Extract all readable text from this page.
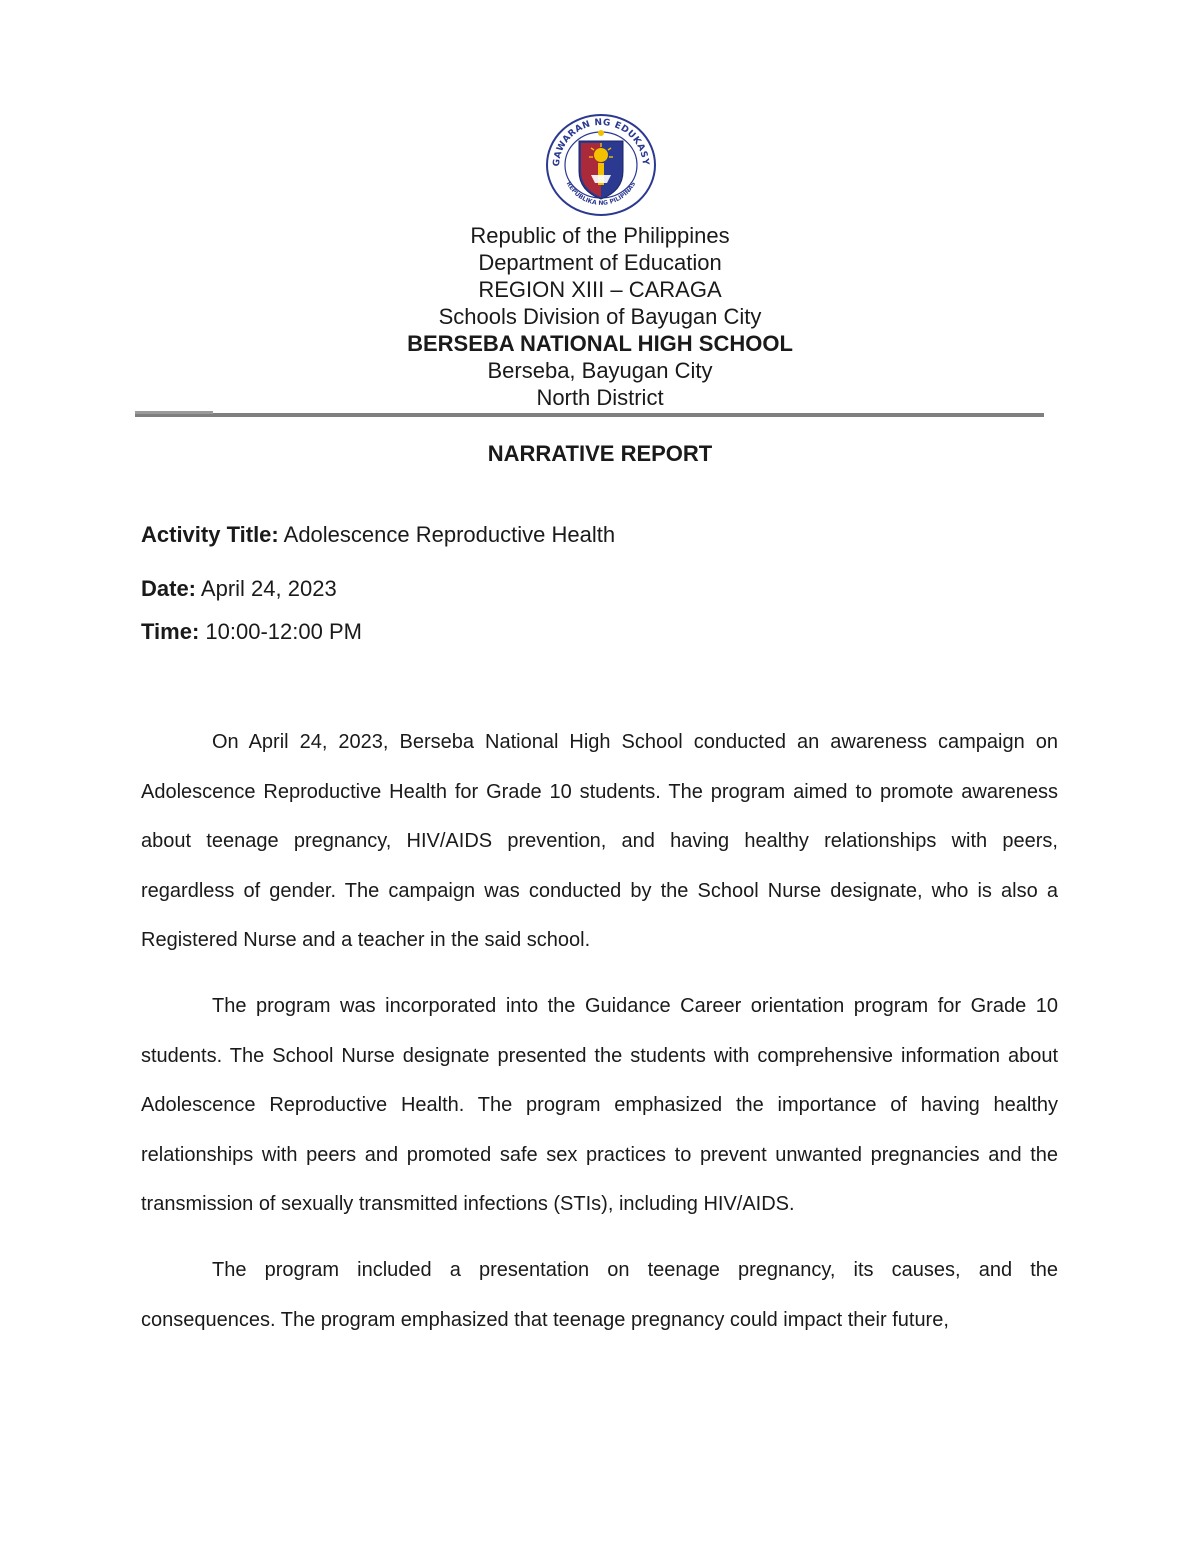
GAWARAN NG EDUKASY
REPUBLIKA NG PILIPINAS
Republic of the Philippines
Department of Education
REGION XIII – CARAGA
Schools Division of Bayugan City
BERSEBA NATIONAL HIGH SCHOOL
Berseba, Bayugan City
North District
NARRATIVE REPORT
Activity Title: Adolescence Reproductive Health
Date: April 24, 2023
Time: 10:00-12:00 PM

On April 24, 2023, Berseba National High School conducted an awareness campaign on Adolescence Reproductive Health for Grade 10 students. The program aimed to promote awareness about teenage pregnancy, HIV/AIDS prevention, and having healthy relationships with peers, regardless of gender. The campaign was conducted by the School Nurse designate, who is also a Registered Nurse and a teacher in the said school.

The program was incorporated into the Guidance Career orientation program for Grade 10 students. The School Nurse designate presented the students with comprehensive information about Adolescence Reproductive Health. The program emphasized the importance of having healthy relationships with peers and promoted safe sex practices to prevent unwanted pregnancies and the transmission of sexually transmitted infections (STIs), including HIV/AIDS.

The program included a presentation on teenage pregnancy, its causes, and the consequences. The program emphasized that teenage pregnancy could impact their future,
